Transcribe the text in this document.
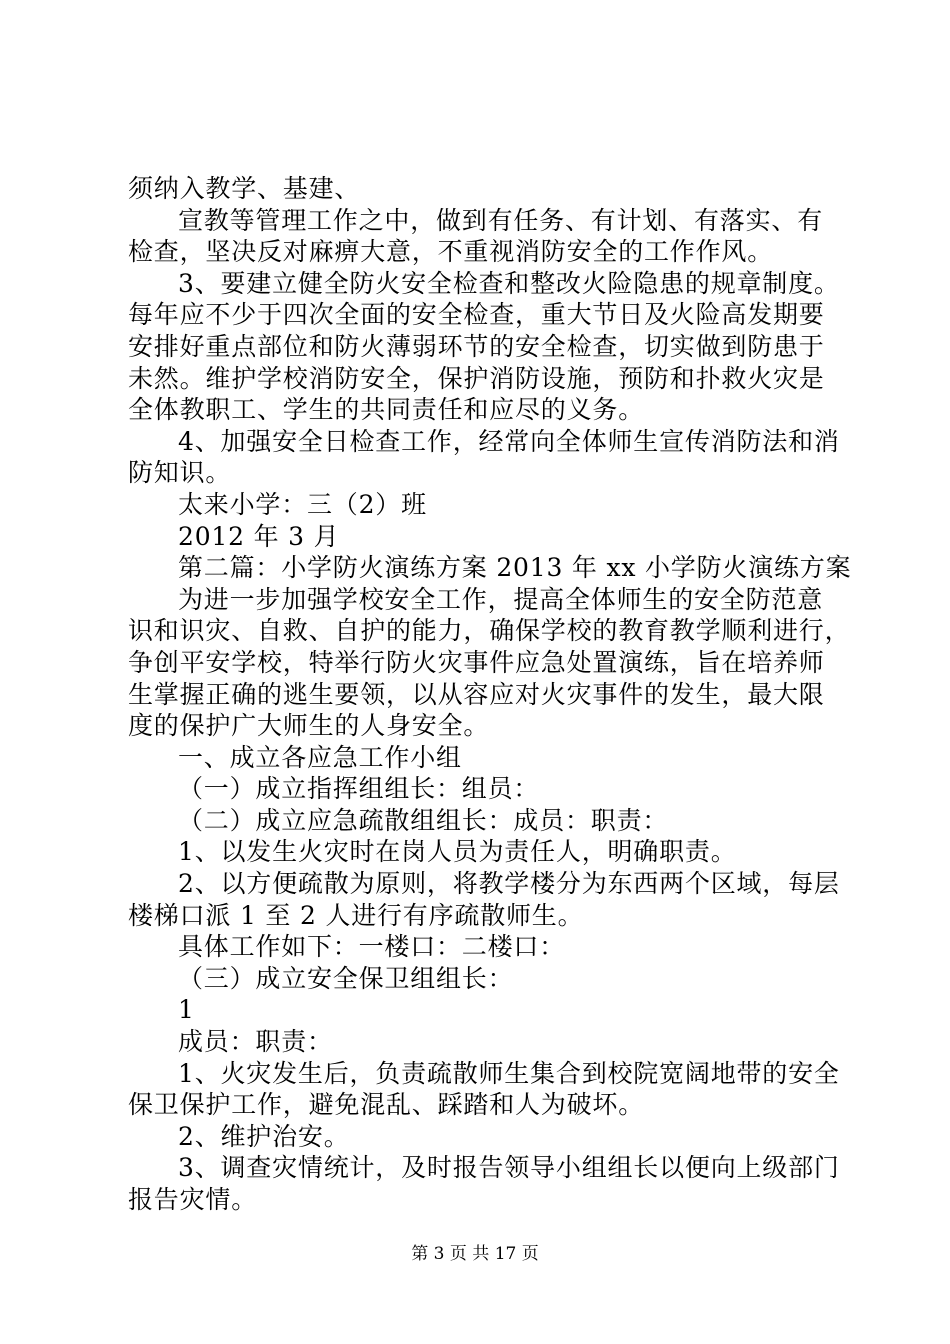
须纳入教学、基建、
宣教等管理工作之中，做到有任务、有计划、有落实、有
检查，坚决反对麻痹大意，不重视消防安全的工作作风。
3、要建立健全防火安全检查和整改火险隐患的规章制度。
每年应不少于四次全面的安全检查，重大节日及火险高发期要
安排好重点部位和防火薄弱环节的安全检查，切实做到防患于
未然。维护学校消防安全，保护消防设施，预防和扑救火灾是
全体教职工、学生的共同责任和应尽的义务。
4、加强安全日检查工作，经常向全体师生宣传消防法和消
防知识。
太来小学：三（2）班
2012 年 3 月
第二篇：小学防火演练方案 2013 年 xx 小学防火演练方案
为进一步加强学校安全工作，提高全体师生的安全防范意
识和识灾、自救、自护的能力，确保学校的教育教学顺利进行，
争创平安学校，特举行防火灾事件应急处置演练，旨在培养师
生掌握正确的逃生要领，以从容应对火灾事件的发生，最大限
度的保护广大师生的人身安全。
一、成立各应急工作小组
（一）成立指挥组组长：组员：
（二）成立应急疏散组组长：成员：职责：
1、以发生火灾时在岗人员为责任人，明确职责。
2、以方便疏散为原则，将教学楼分为东西两个区域，每层
楼梯口派 1 至 2 人进行有序疏散师生。
具体工作如下：一楼口：二楼口：
（三）成立安全保卫组组长：
1
成员：职责：
1、火灾发生后，负责疏散师生集合到校院宽阔地带的安全
保卫保护工作，避免混乱、踩踏和人为破坏。
2、维护治安。
3、调查灾情统计，及时报告领导小组组长以便向上级部门
报告灾情。
第 3 页 共 17 页
